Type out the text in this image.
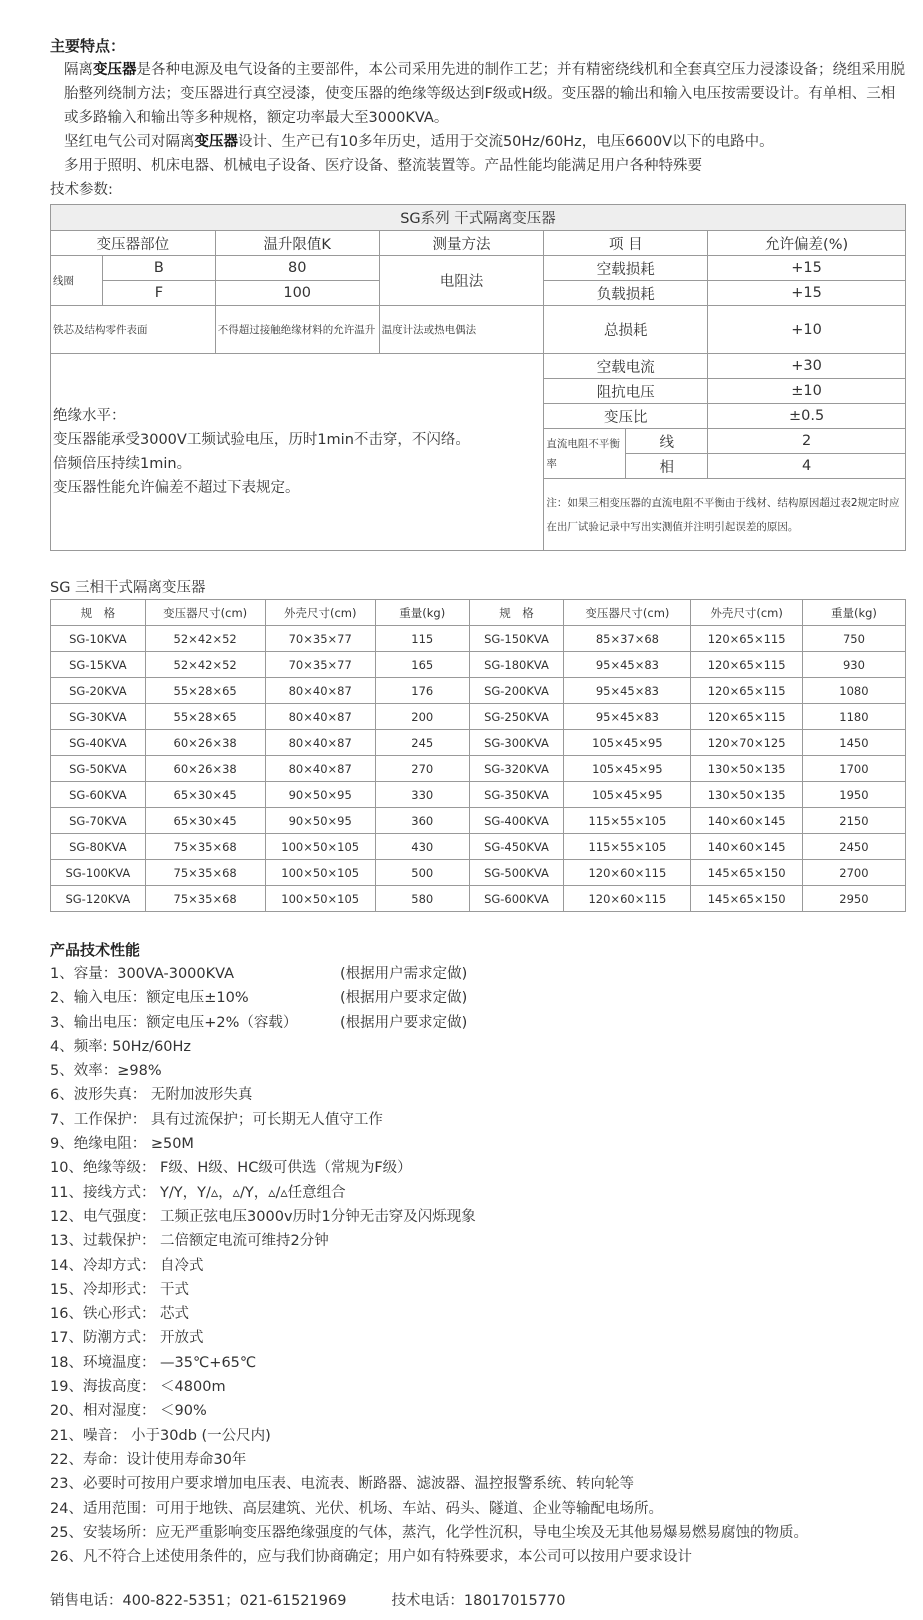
主要特点：
隔离变压器是各种电源及电气设备的主要部件，本公司采用先进的制作工艺；并有精密绕线机和全套真空压力浸漆设备；绕组采用脱胎整列绕制方法；变压器进行真空浸漆，使变压器的绝缘等级达到F级或H级。变压器的输出和输入电压按需要设计。有单相、三相或多路输入和输出等多种规格，额定功率最大至3000KVA。
坚红电气公司对隔离变压器设计、生产已有10多年历史，适用于交流50Hz/60Hz，电压6600V以下的电路中。
多用于照明、机床电器、机械电子设备、医疗设备、整流装置等。产品性能均能满足用户各种特殊要
技术参数:
SG系列 干式隔离变压器						
变压器部位		温升限值K	测量方法	项 目		允许偏差(%)
线圈	B	80	电阻法	空载损耗		+15
	F	100		负载损耗		+15
铁芯及结构零件表面		不得超过接触绝缘材料的允许温升	温度计法或热电偶法	总损耗		+10

绝缘水平：
变压器能承受3000V工频试验电压，历时1min不击穿，不闪络。
倍频倍压持续1min。
变压器性能允许偏差不超过下表规定。				空载电流		+30
				阻抗电压		±10
				变压比		±0.5
				直流电阻不平衡率	线	2
					相	4
				注：如果三相变压器的直流电阻不平衡由于线材、结构原因超过表2规定时应在出厂试验记录中写出实测值并注明引起误差的原因。		
SG 三相干式隔离变压器
规　格	变压器尺寸(cm)	外壳尺寸(cm)	重量(kg)	规　格	变压器尺寸(cm)	外壳尺寸(cm)	重量(kg)
SG-10KVA	52×42×52	70×35×77	115	SG-150KVA	85×37×68	120×65×115	750
SG-15KVA	52×42×52	70×35×77	165	SG-180KVA	95×45×83	120×65×115	930
SG-20KVA	55×28×65	80×40×87	176	SG-200KVA	95×45×83	120×65×115	1080
SG-30KVA	55×28×65	80×40×87	200	SG-250KVA	95×45×83	120×65×115	1180
SG-40KVA	60×26×38	80×40×87	245	SG-300KVA	105×45×95	120×70×125	1450
SG-50KVA	60×26×38	80×40×87	270	SG-320KVA	105×45×95	130×50×135	1700
SG-60KVA	65×30×45	90×50×95	330	SG-350KVA	105×45×95	130×50×135	1950
SG-70KVA	65×30×45	90×50×95	360	SG-400KVA	115×55×105	140×60×145	2150
SG-80KVA	75×35×68	100×50×105	430	SG-450KVA	115×55×105	140×60×145	2450
SG-100KVA	75×35×68	100×50×105	500	SG-500KVA	120×60×115	145×65×150	2700
SG-120KVA	75×35×68	100×50×105	580	SG-600KVA	120×60×115	145×65×150	2950
产品技术性能
1、容量：300VA-3000KVA	(根据用户需求定做)
2、输入电压：额定电压±10%	(根据用户要求定做)
3、输出电压：额定电压+2%（容载）	(根据用户要求定做)
4、频率: 50Hz/60Hz
5、效率：≥98%
6、波形失真： 无附加波形失真
7、工作保护： 具有过流保护；可长期无人值守工作
9、绝缘电阻： ≥50M
10、绝缘等级： F级、H级、HC级可供选（常规为F级）
11、接线方式： Y/Y，Y/▵，▵/Y，▵/▵任意组合
12、电气强度： 工频正弦电压3000v历时1分钟无击穿及闪烁现象
13、过载保护： 二倍额定电流可维持2分钟
14、冷却方式： 自冷式
15、冷却形式： 干式
16、铁心形式： 芯式
17、防潮方式： 开放式
18、环境温度： —35℃+65℃
19、海拔高度： ＜4800m
20、相对湿度： ＜90%
21、噪音： 小于30db (一公尺内)
22、寿命：设计使用寿命30年
23、必要时可按用户要求增加电压表、电流表、断路器、滤波器、温控报警系统、转向轮等
24、适用范围：可用于地铁、高层建筑、光伏、机场、车站、码头、隧道、企业等输配电场所。
25、安装场所：应无严重影响变压器绝缘强度的气体，蒸汽，化学性沉积，导电尘埃及无其他易爆易燃易腐蚀的物质。
26、凡不符合上述使用条件的，应与我们协商确定；用户如有特殊要求，本公司可以按用户要求设计
销售电话：400-822-5351；021-61521969	技术电话：18017015770
